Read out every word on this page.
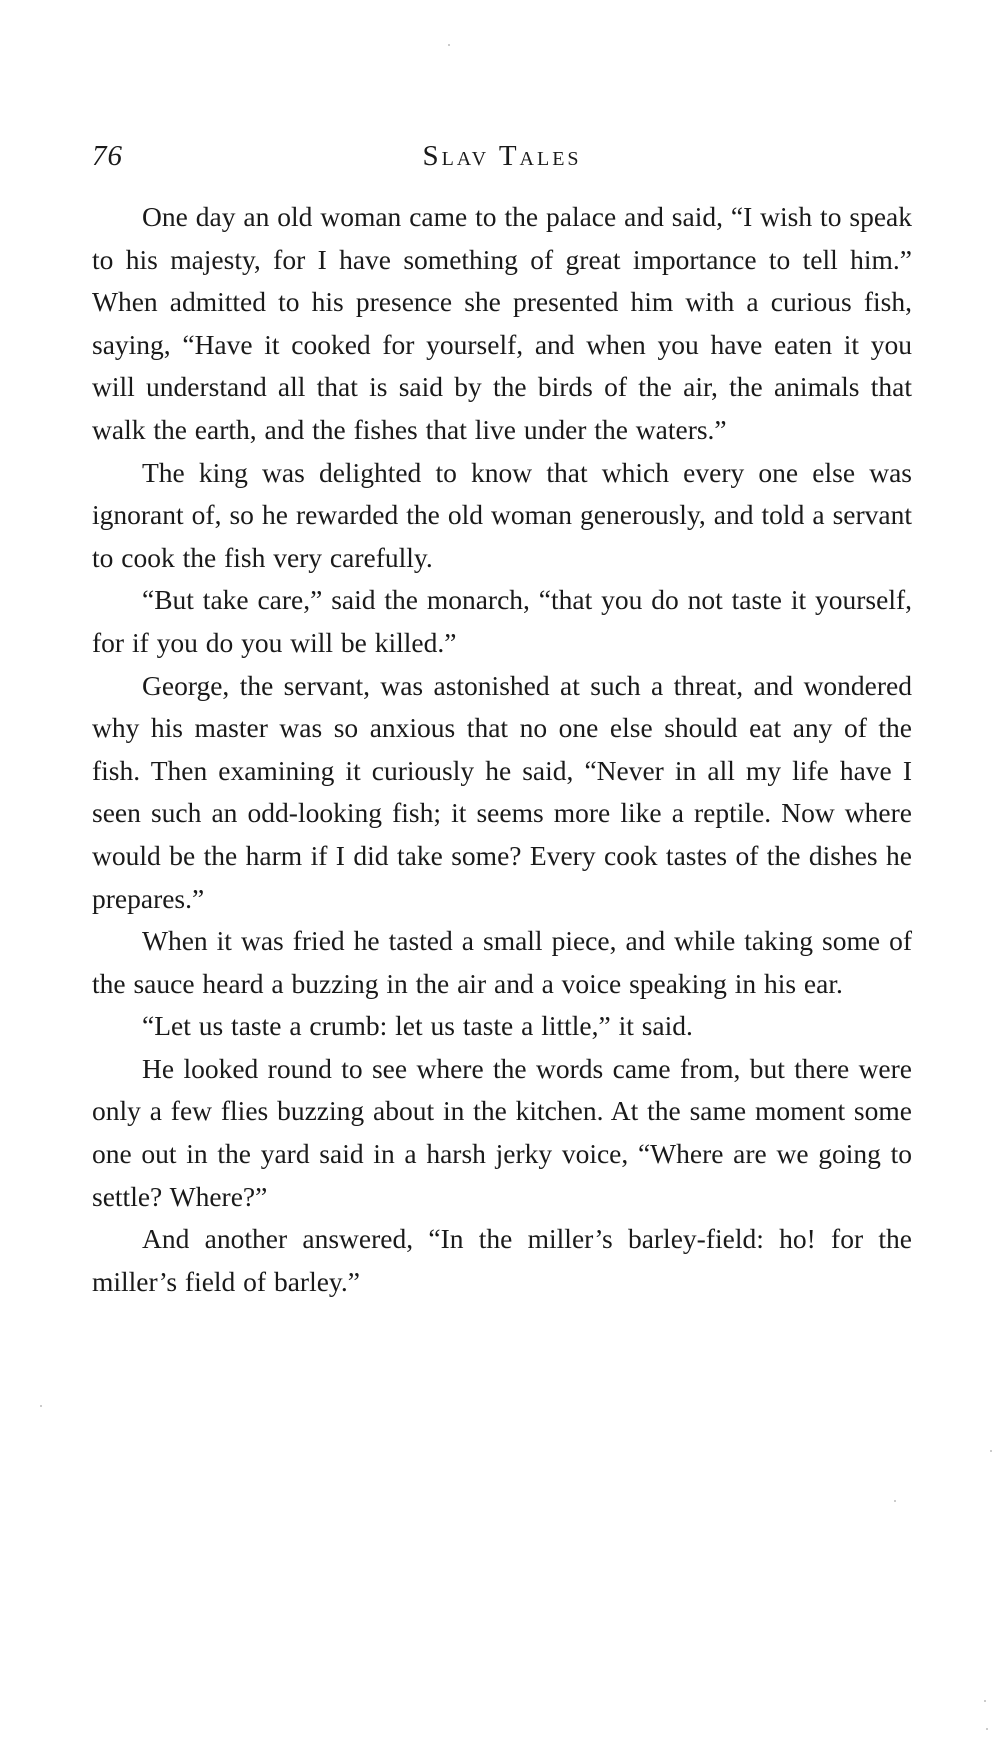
76	Slav Tales

One day an old woman came to the palace and said, “I wish to speak to his majesty, for I have something of great importance to tell him.” When admitted to his presence she presented him with a curious fish, saying, “Have it cooked for yourself, and when you have eaten it you will understand all that is said by the birds of the air, the animals that walk the earth, and the fishes that live under the waters.”

The king was delighted to know that which every one else was ignorant of, so he rewarded the old woman generously, and told a servant to cook the fish very carefully.

“But take care,” said the monarch, “that you do not taste it yourself, for if you do you will be killed.”

George, the servant, was astonished at such a threat, and wondered why his master was so anxious that no one else should eat any of the fish. Then examining it curiously he said, “Never in all my life have I seen such an odd-looking fish; it seems more like a reptile. Now where would be the harm if I did take some? Every cook tastes of the dishes he prepares.”

When it was fried he tasted a small piece, and while taking some of the sauce heard a buzzing in the air and a voice speaking in his ear.

“Let us taste a crumb: let us taste a little,” it said.

He looked round to see where the words came from, but there were only a few flies buzzing about in the kitchen. At the same moment some one out in the yard said in a harsh jerky voice, “Where are we going to settle? Where?”

And another answered, “In the miller’s barley-field: ho! for the miller’s field of barley.”
